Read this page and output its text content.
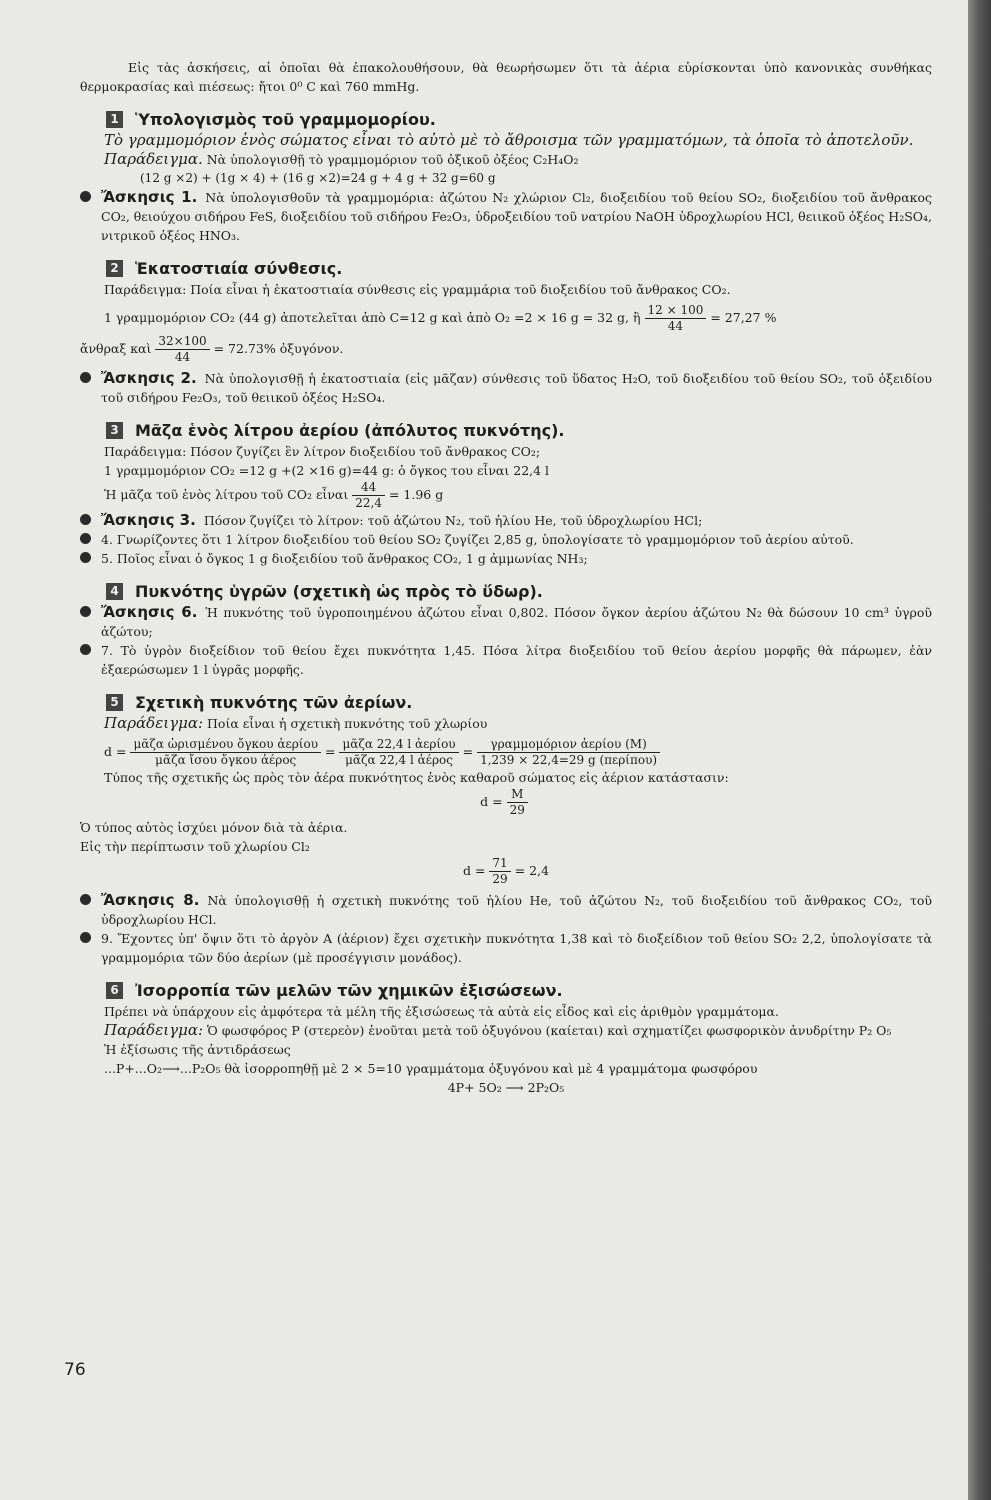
Εἰς τὰς ἀσκήσεις, αἱ ὁποῖαι θὰ ἐπακολουθήσουν, θὰ θεωρήσωμεν ὅτι τὰ ἀέρια εὑρίσκονται ὑπὸ κανονικὰς συνθήκας θερμοκρασίας καὶ πιέσεως: ἤτοι 0⁰ C καὶ 760 mmHg.

1 Ὑπολογισμὸς τοῦ γραμμομορίου.

Τὸ γραμμομόριον ἑνὸς σώματος εἶναι τὸ αὐτὸ μὲ τὸ ἄθροισμα τῶν γραμματόμων, τὰ ὁποῖα τὸ ἀποτελοῦν.

Παράδειγμα. Νὰ ὑπολογισθῇ τὸ γραμμομόριον τοῦ ὀξικοῦ ὀξέος C₂H₄O₂

(12 g ×2) + (1g × 4) + (16 g ×2)=24 g + 4 g + 32 g=60 g

Ἄσκησις 1. Νὰ ὑπολογισθοῦν τὰ γραμμομόρια: ἀζώτου N₂ χλώριον Cl₂, διοξειδίου τοῦ θείου SO₂, διοξειδίου τοῦ ἄνθρακος CO₂, θειούχου σιδήρου FeS, διοξειδίου τοῦ σιδήρου Fe₂O₃, ὑδροξειδίου τοῦ νατρίου NaOH ὑδροχλωρίου HCl, θειικοῦ ὀξέος H₂SO₄, νιτρικοῦ ὀξέος HNO₃.

2 Ἑκατοστιαία σύνθεσις.

Παράδειγμα: Ποία εἶναι ἡ ἑκατοστιαία σύνθεσις εἰς γραμμάρια τοῦ διοξειδίου τοῦ ἄνθρακος CO₂.

1 γραμμομόριον CO₂ (44 g) ἀποτελεῖται ἀπὸ C=12 g καὶ ἀπὸ O₂ =2 × 16 g = 32 g, ἢ $\frac{12 \times 100}{44} = 27,27$ %

ἄνθραξ καὶ $\frac{32\times 100}{44} = 72.73\%$ ὀξυγόνον.

Ἄσκησις 2. Νὰ ὑπολογισθῇ ἡ ἑκατοστιαία (εἰς μᾶζαν) σύνθεσις τοῦ ὕδατος H₂O, τοῦ διοξειδίου τοῦ θείου SO₂, τοῦ ὀξειδίου τοῦ σιδήρου Fe₂O₃, τοῦ θειικοῦ ὀξέος H₂SO₄.

3 Μᾶζα ἑνὸς λίτρου ἀερίου (ἀπόλυτος πυκνότης).

Παράδειγμα: Πόσον ζυγίζει ἓν λίτρον διοξειδίου τοῦ ἄνθρακος CO₂;

1 γραμμομόριον CO₂ =12 g +(2 ×16 g)=44 g: ὁ ὄγκος του εἶναι 22,4 l

Ἡ μᾶζα τοῦ ἑνὸς λίτρου τοῦ CO₂ εἶναι $\frac{44}{22,4} = 1.96$ g

Ἄσκησις 3. Πόσον ζυγίζει τὸ λίτρον: τοῦ ἀζώτου N₂, τοῦ ἡλίου He, τοῦ ὑδροχλωρίου HCl;

4. Γνωρίζοντες ὅτι 1 λίτρον διοξειδίου τοῦ θείου SO₂ ζυγίζει 2,85 g, ὑπολογίσατε τὸ γραμμομόριον τοῦ ἀερίου αὐτοῦ.

5. Ποῖος εἶναι ὁ ὄγκος 1 g διοξειδίου τοῦ ἄνθρακος CO₂, 1 g ἀμμωνίας NH₃;

4 Πυκνότης ὑγρῶν (σχετικὴ ὡς πρὸς τὸ ὕδωρ).

Ἄσκησις 6. Ἡ πυκνότης τοῦ ὑγροποιημένου ἀζώτου εἶναι 0,802. Πόσον ὄγκον ἀερίου ἀζώτου N₂ θὰ δώσουν 10 cm³ ὑγροῦ ἀζώτου;

7. Τὸ ὑγρὸν διοξείδιον τοῦ θείου ἔχει πυκνότητα 1,45. Πόσα λίτρα διοξειδίου τοῦ θείου ἀερίου μορφῆς θὰ πάρωμεν, ἐὰν ἐξαερώσωμεν 1 l ὑγρᾶς μορφῆς.

5 Σχετικὴ πυκνότης τῶν ἀερίων.

Παράδειγμα: Ποία εἶναι ἡ σχετικὴ πυκνότης τοῦ χλωρίου

$d = \frac{\text{μᾶζα ὡρισμένου ὄγκου ἀερίου}}{\text{μᾶζα ἴσου ὄγκου ἀέρος}} = \frac{\text{μᾶζα 22,4 l ἀερίου}}{\text{μᾶζα 22,4 l ἀέρος}} = \frac{\text{γραμμομόριον ἀερίου (M)}}{\text{1,239 × 22,4=29 g (περίπου)}}$

Τύπος τῆς σχετικῆς ὡς πρὸς τὸν ἀέρα πυκνότητος ἑνὸς καθαροῦ σώματος εἰς ἀέριον κατάστασιν:

$d = \frac{M}{29}$

Ὁ τύπος αὐτὸς ἰσχύει μόνον διὰ τὰ ἀέρια.

Εἰς τὴν περίπτωσιν τοῦ χλωρίου Cl₂

$d = \frac{71}{29} = 2,4$

Ἄσκησις 8. Νὰ ὑπολογισθῇ ἡ σχετικὴ πυκνότης τοῦ ἡλίου He, τοῦ ἀζώτου N₂, τοῦ διοξειδίου τοῦ ἄνθρακος CO₂, τοῦ ὑδροχλωρίου HCl.

9. Ἔχοντες ὑπ' ὄψιν ὅτι τὸ ἀργὸν A (ἀέριον) ἔχει σχετικὴν πυκνότητα 1,38 καὶ τὸ διοξείδιον τοῦ θείου SO₂ 2,2, ὑπολογίσατε τὰ γραμμομόρια τῶν δύο ἀερίων (μὲ προσέγγισιν μονάδος).

6 Ἰσορροπία τῶν μελῶν τῶν χημικῶν ἐξισώσεων.

Πρέπει νὰ ὑπάρχουν εἰς ἀμφότερα τὰ μέλη τῆς ἐξισώσεως τὰ αὐτὰ εἰς εἶδος καὶ εἰς ἀριθμὸν γραμμάτομα.

Παράδειγμα: Ὁ φωσφόρος P (στερεὸν) ἑνοῦται μετὰ τοῦ ὀξυγόνου (καίεται) καὶ σχηματίζει φωσφορικὸν ἀνυδρίτην P₂ O₅

Ἡ ἐξίσωσις τῆς ἀντιδράσεως

...P+...O₂⟶...P₂O₅ θὰ ἰσορροπηθῇ μὲ 2 × 5=10 γραμμάτομα ὀξυγόνου καὶ μὲ 4 γραμμάτομα φωσφόρου

4P+ 5O₂ ⟶ 2P₂O₅

76
